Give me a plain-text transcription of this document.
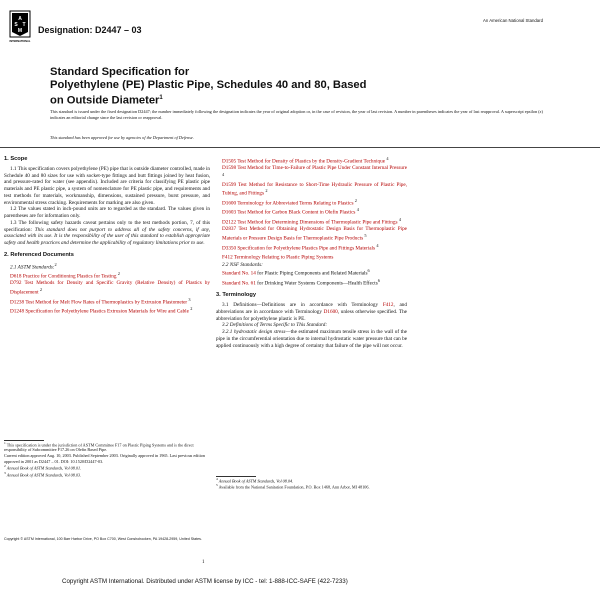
A
S T
M
INTERNATIONAL
Designation: D2447 – 03
An American National Standard
Standard Specification for
Polyethylene (PE) Plastic Pipe, Schedules 40 and 80, Based
on Outside Diameter$^1$
This standard is issued under the fixed designation D2447; the number immediately following the designation indicates the year of original adoption or, in the case of revision, the year of last revision. A number in parentheses indicates the year of last reapproval. A superscript epsilon (ε) indicates an editorial change since the last revision or reapproval.
This standard has been approved for use by agencies of the Department of Defense.
1. Scope

1.1 This specification covers polyethylene (PE) pipe that is outside diameter controlled, made in Schedule 40 and 80 sizes for use with socket-type fittings and butt fittings joined by heat fusion, and pressure-rated for water (see appendix). Included are criteria for classifying PE plastic pipe materials and PE plastic pipe, a system of nomenclature for PE plastic pipe, and requirements and test methods for materials, workmanship, dimensions, sustained pressure, burst pressure, and environmental stress cracking. Requirements for marking are also given.

1.2 The values stated in inch-pound units are to regarded as the standard. The values given in parentheses are for information only.

1.3 The following safety hazards caveat pertains only to the test methods portion, 7, of this specification: This standard does not purport to address all of the safety concerns, if any, associated with its use. It is the responsibility of the user of this standard to establish appropriate safety and health practices and determine the applicability of regulatory limitations prior to use.

2. Referenced Documents

2.1 ASTM Standards:$^2$

D618 Practice for Conditioning Plastics for Testing $^2$

D792 Test Methods for Density and Specific Gravity (Relative Density) of Plastics by Displacement $^2$

D1238 Test Method for Melt Flow Rates of Thermoplastics by Extrusion Plastometer $^3$

D1248 Specification for Polyethylene Plastics Extrusion Materials for Wire and Cable $^2$

$^1$ This specification is under the jurisdiction of ASTM Committee F17 on Plastic Piping Systems and is the direct responsibility of Subcommittee F17.26 on Olefin Based Pipe.

Current edition approved Aug. 10, 2003. Published September 2003. Originally approved in 1965. Last previous edition approved in 2001 as D2447 – 01. DOI: 10.1520/D2447-03.

$^2$ Annual Book of ASTM Standards, Vol 08.01.

$^3$ Annual Book of ASTM Standards, Vol 08.03.

D1505 Test Method for Density of Plastics by the Density-Gradient Technique $^4$

D1598 Test Method for Time-to-Failure of Plastic Pipe Under Constant Internal Pressure $^4$

D1599 Test Method for Resistance to Short-Time Hydraulic Pressure of Plastic Pipe, Tubing, and Fittings $^2$

D1600 Terminology for Abbreviated Terms Relating to Plastics $^2$

D1603 Test Method for Carbon Black Content in Olefin Plastics $^4$

D2122 Test Method for Determining Dimensions of Thermoplastic Pipe and Fittings $^4$

D2837 Test Method for Obtaining Hydrostatic Design Basis for Thermoplastic Pipe Materials or Pressure Design Basis for Thermoplastic Pipe Products $^5$

D3350 Specification for Polyethylene Plastics Pipe and Fittings Materials $^4$

F412 Terminology Relating to Plastic Piping Systems

2.2 NSF Standards:

Standard No. 14 for Plastic Piping Components and Related Materials$^6$

Standard No. 61 for Drinking Water Systems Components—Health Effects$^6$

3. Terminology

3.1 Definitions—Definitions are in accordance with Terminology F412, and abbreviations are in accordance with Terminology D1600, unless otherwise specified. The abbreviation for polyethylene plastic is PE.

3.2 Definitions of Terms Specific to This Standard:

3.2.1 hydrostatic design stress—the estimated maximum tensile stress in the wall of the pipe in the circumferential orientation due to internal hydrostatic water pressure that can be applied continuously with a high degree of certainty that failure of the pipe will not occur.

$^4$ Annual Book of ASTM Standards, Vol 08.04.

$^5$ Available from the National Sanitation Foundation, P.O. Box 1468, Ann Arbor, MI 48106.

Copyright © ASTM International, 100 Barr Harbor Drive, PO Box C700, West Conshohocken, PA 19428-2959, United States.
1
Copyright ASTM International. Distributed under ASTM license by ICC - tel: 1-888-ICC-SAFE (422-7233)
